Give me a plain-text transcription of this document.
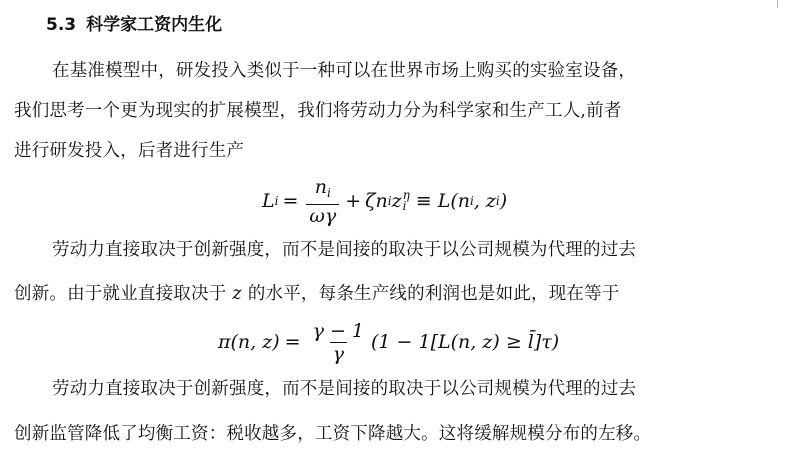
5.3 科学家工资内生化
在基准模型中，研发投入类似于一种可以在世界市场上购买的实验室设备，
我们思考一个更为现实的扩展模型，我们将劳动力分为科学家和生产工人,前者
进行研发投入，后者进行生产
L $i = \frac{n_i}{\omega\gamma} + \zeta n$ i z η
i ≡ L(n i , z i )
劳动力直接取决于创新强度，而不是间接的取决于以公司规模为代理的过去
创新。由于就业直接取决于 z 的水平，每条生产线的利润也是如此，现在等于
π(n, $z) = \frac{\gamma - 1}{\gamma} (1 - 1[L(n$, z) ≥ l̄]τ)
劳动力直接取决于创新强度，而不是间接的取决于以公司规模为代理的过去
创新监管降低了均衡工资：税收越多，工资下降越大。这将缓解规模分布的左移。
